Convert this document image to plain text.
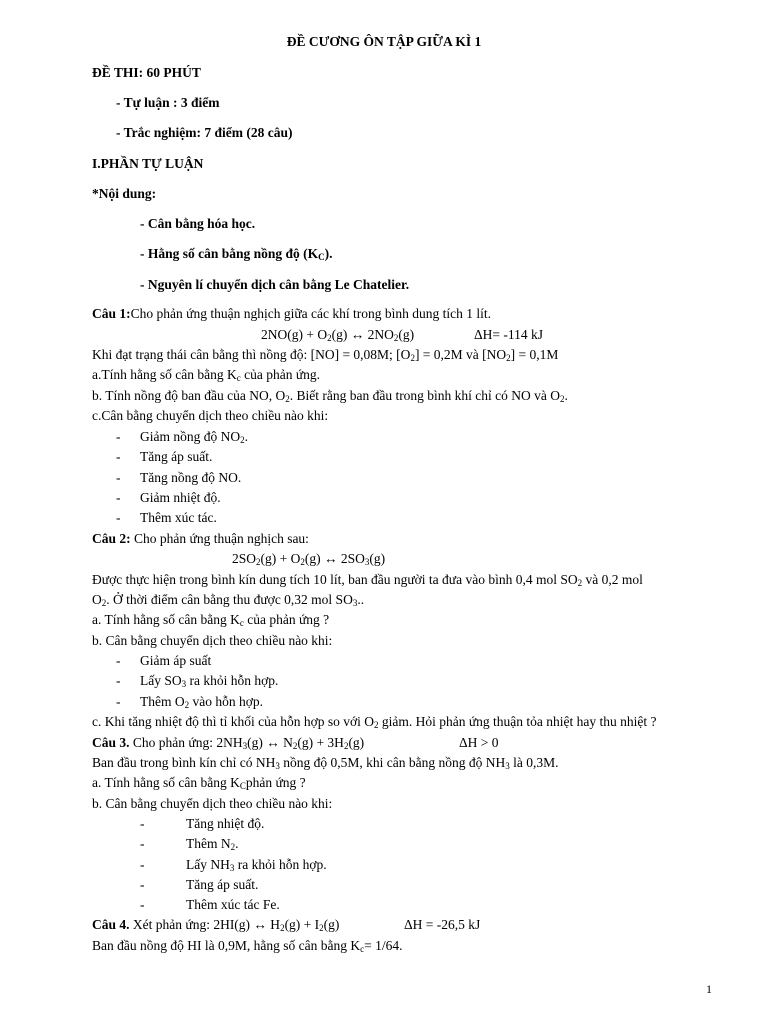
ĐỀ CƯƠNG ÔN TẬP GIỮA KÌ 1
ĐỀ THI: 60 PHÚT
- Tự luận : 3 điểm
- Trắc nghiệm: 7 điểm (28 câu)
I.PHẦN TỰ LUẬN
*Nội dung:
- Cân bằng hóa học.
- Hằng số cân bằng nồng độ $(K_C)$.
- Nguyên lí chuyển dịch cân bằng Le Chatelier.
Câu 1:Cho phản ứng thuận nghịch giữa các khí trong bình dung tích 1 lít.
$2NO(g) + O_2(g)$ ↔ $2NO_2(g)$	ΔH= -114 kJ
Khi đạt trạng thái cân bằng thì nồng độ: [NO] = 0,08M; $[O_2] = 0,2M$ và $[NO_2] = 0,1M$
a.Tính hằng số cân bằng $K_c$ của phản ứng.
b. Tính nồng độ ban đầu của NO, $O_2$. Biết rằng ban đầu trong bình khí chỉ có NO và $O_2$.
c.Cân bằng chuyển dịch theo chiều nào khi:
- Giảm nồng độ $NO_2$.
- Tăng áp suất.
- Tăng nồng độ NO.
- Giảm nhiệt độ.
- Thêm xúc tác.
Câu 2: Cho phản ứng thuận nghịch sau:
$2SO_2(g) + O_2(g)$ ↔ $2SO_3(g)$
Được thực hiện trong bình kín dung tích 10 lít, ban đầu người ta đưa vào bình 0,4 mol $SO_2$ và 0,2 mol
$O_2$. Ở thời điểm cân bằng thu được 0,32 mol $SO_3$..
a. Tính hằng số cân bằng $K_c$ của phản ứng ?
b. Cân bằng chuyển dịch theo chiều nào khi:
- Giảm áp suất
- Lấy $SO_3$ ra khỏi hỗn hợp.
- Thêm $O_2$ vào hỗn hợp.
c. Khi tăng nhiệt độ thì tỉ khối của hỗn hợp so với $O_2$ giảm. Hỏi phản ứng thuận tỏa nhiệt hay thu nhiệt ?
Câu 3. Cho phản ứng: $2NH_3(g)$ ↔ $N_2(g) + 3H_2(g)$	ΔH > 0
Ban đầu trong bình kín chỉ có $NH_3$ nồng độ 0,5M, khi cân bằng nồng độ $NH_3$ là 0,3M.
a. Tính hằng số cân bằng $K_Cphản$ ứng ?
b. Cân bằng chuyển dịch theo chiều nào khi:
-	Tăng nhiệt độ.
-	Thêm $N_2$.
-	Lấy $NH_3$ ra khỏi hỗn hợp.
-	Tăng áp suất.
-	Thêm xúc tác Fe.
Câu 4. Xét phản ứng: 2HI(g) ↔ $H_2(g) + I_2(g)$	ΔH = -26,5 kJ
Ban đầu nồng độ HI là 0,9M, hằng số cân bằng $K_c= 1/64$.
1
